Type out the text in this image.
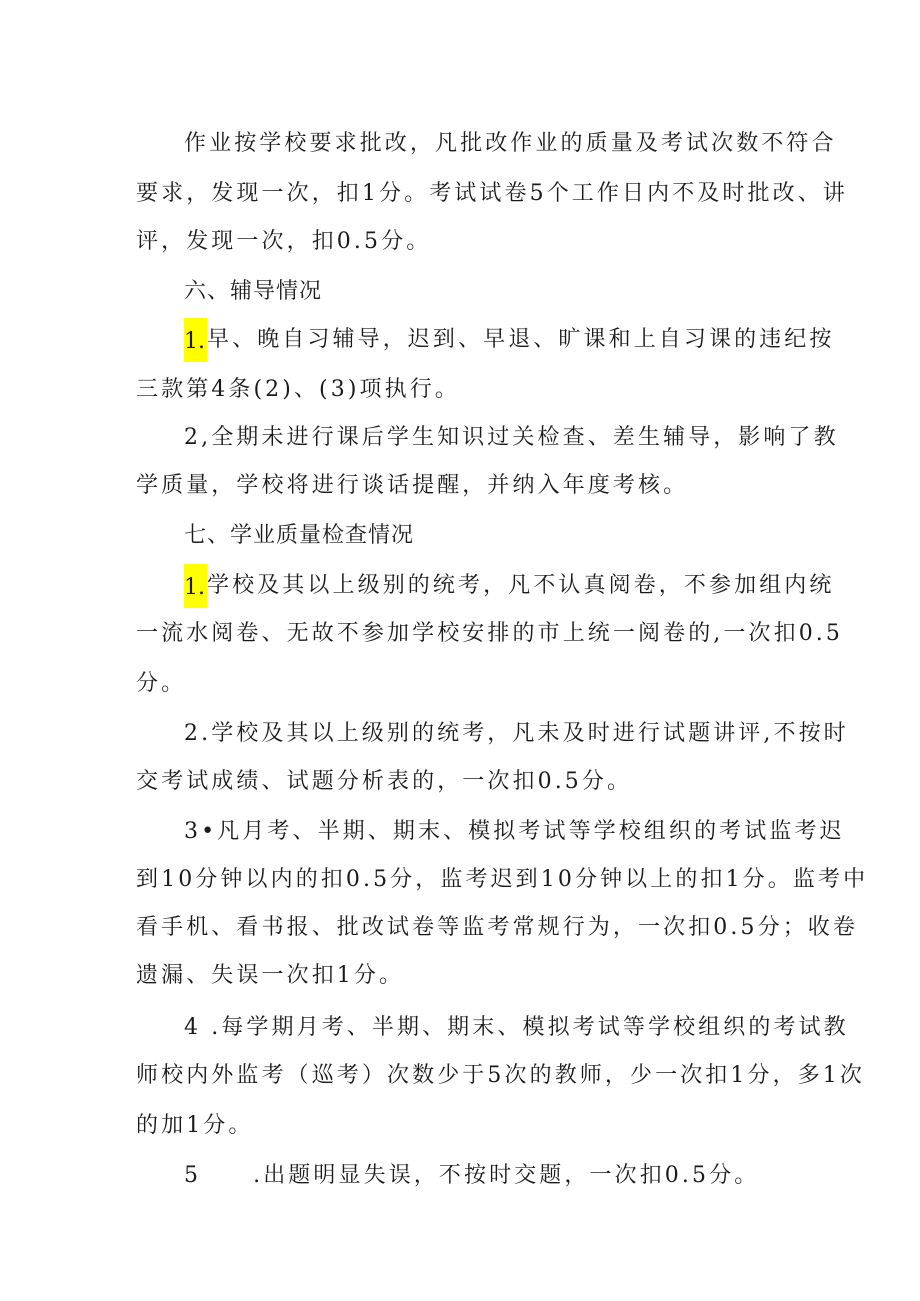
作业按学校要求批改，凡批改作业的质量及考试次数不符合
要求，发现一次，扣1分。考试试卷5个工作日内不及时批改、讲
评，发现一次，扣0.5分。
六、辅导情况
1.早、晚自习辅导，迟到、早退、旷课和上自习课的违纪按
三款第4条(2)、(3)项执行。
2,全期未进行课后学生知识过关检查、差生辅导，影响了教
学质量，学校将进行谈话提醒，并纳入年度考核。
七、学业质量检查情况
1.学校及其以上级别的统考，凡不认真阅卷，不参加组内统
一流水阅卷、无故不参加学校安排的市上统一阅卷的,一次扣0.5
分。
2.学校及其以上级别的统考，凡未及时进行试题讲评,不按时
交考试成绩、试题分析表的，一次扣0.5分。
3•凡月考、半期、期末、模拟考试等学校组织的考试监考迟
到10分钟以内的扣0.5分，监考迟到10分钟以上的扣1分。监考中
看手机、看书报、批改试卷等监考常规行为，一次扣0.5分；收卷
遗漏、失误一次扣1分。
4 .每学期月考、半期、期末、模拟考试等学校组织的考试教
师校内外监考（巡考）次数少于5次的教师，少一次扣1分，多1次
的加1分。
5 .出题明显失误，不按时交题，一次扣0.5分。
